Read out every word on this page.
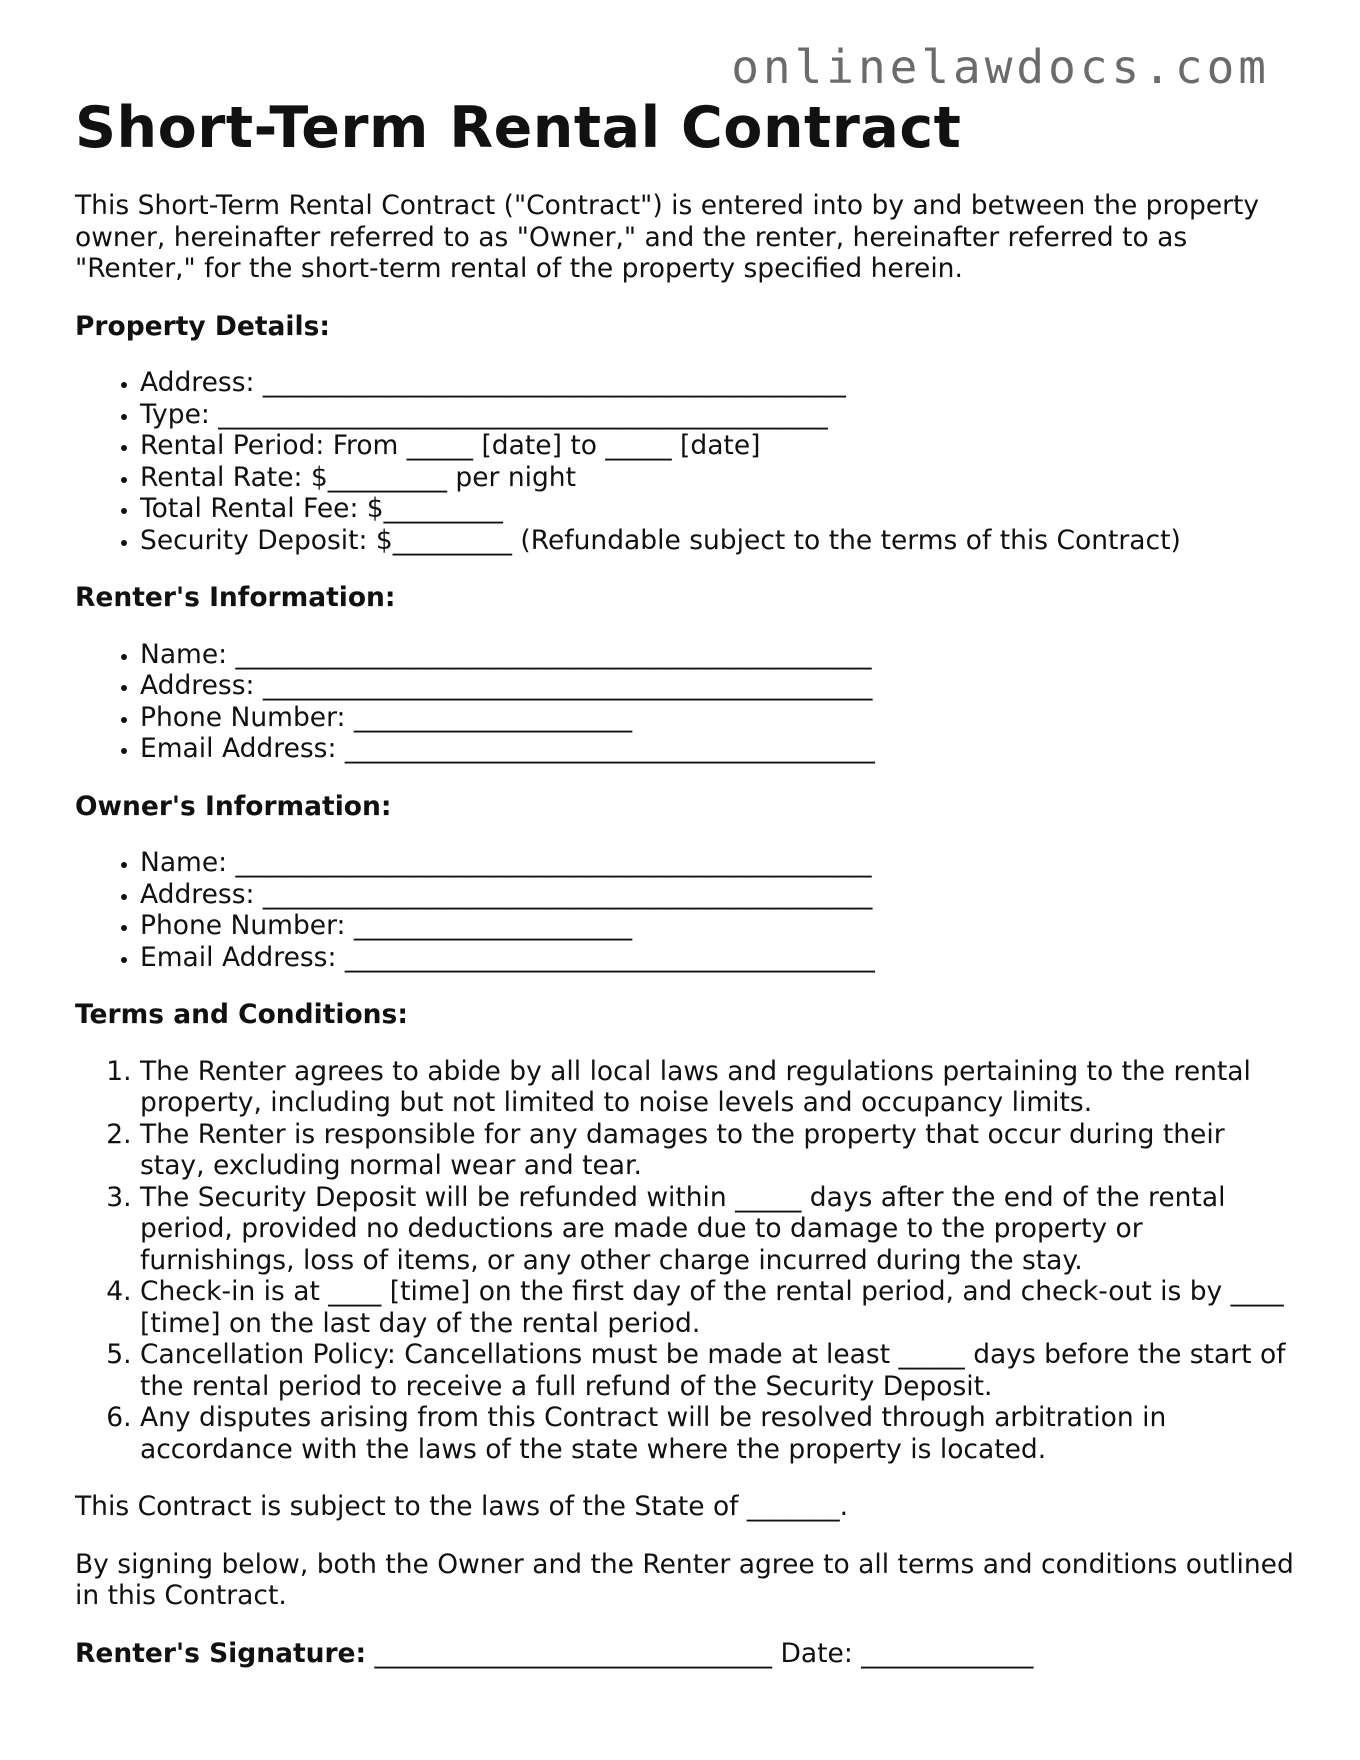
onlinelawdocs.com
Short-Term Rental Contract

This Short-Term Rental Contract ("Contract") is entered into by and between the property owner, hereinafter referred to as "Owner," and the renter, hereinafter referred to as "Renter," for the short-term rental of the property specified herein.

Property Details:
• Address: ____________________________________________
• Type: ______________________________________________
• Rental Period: From _____ [date] to _____ [date]
• Rental Rate: $_________ per night
• Total Rental Fee: $_________
• Security Deposit: $_________ (Refundable subject to the terms of this Contract)
Renter's Information:
• Name: ________________________________________________
• Address: ______________________________________________
• Phone Number: _____________________
• Email Address: ________________________________________
Owner's Information:
• Name: ________________________________________________
• Address: ______________________________________________
• Phone Number: _____________________
• Email Address: ________________________________________
Terms and Conditions:
1. The Renter agrees to abide by all local laws and regulations pertaining to the rental property, including but not limited to noise levels and occupancy limits.
2. The Renter is responsible for any damages to the property that occur during their stay, excluding normal wear and tear.
3. The Security Deposit will be refunded within _____ days after the end of the rental period, provided no deductions are made due to damage to the property or furnishings, loss of items, or any other charge incurred during the stay.
4. Check-in is at ____ [time] on the first day of the rental period, and check-out is by ____ [time] on the last day of the rental period.
5. Cancellation Policy: Cancellations must be made at least _____ days before the start of the rental period to receive a full refund of the Security Deposit.
6. Any disputes arising from this Contract will be resolved through arbitration in accordance with the laws of the state where the property is located.

This Contract is subject to the laws of the State of _______.

By signing below, both the Owner and the Renter agree to all terms and conditions outlined in this Contract.

Renter's Signature: ______________________________ Date: _____________
